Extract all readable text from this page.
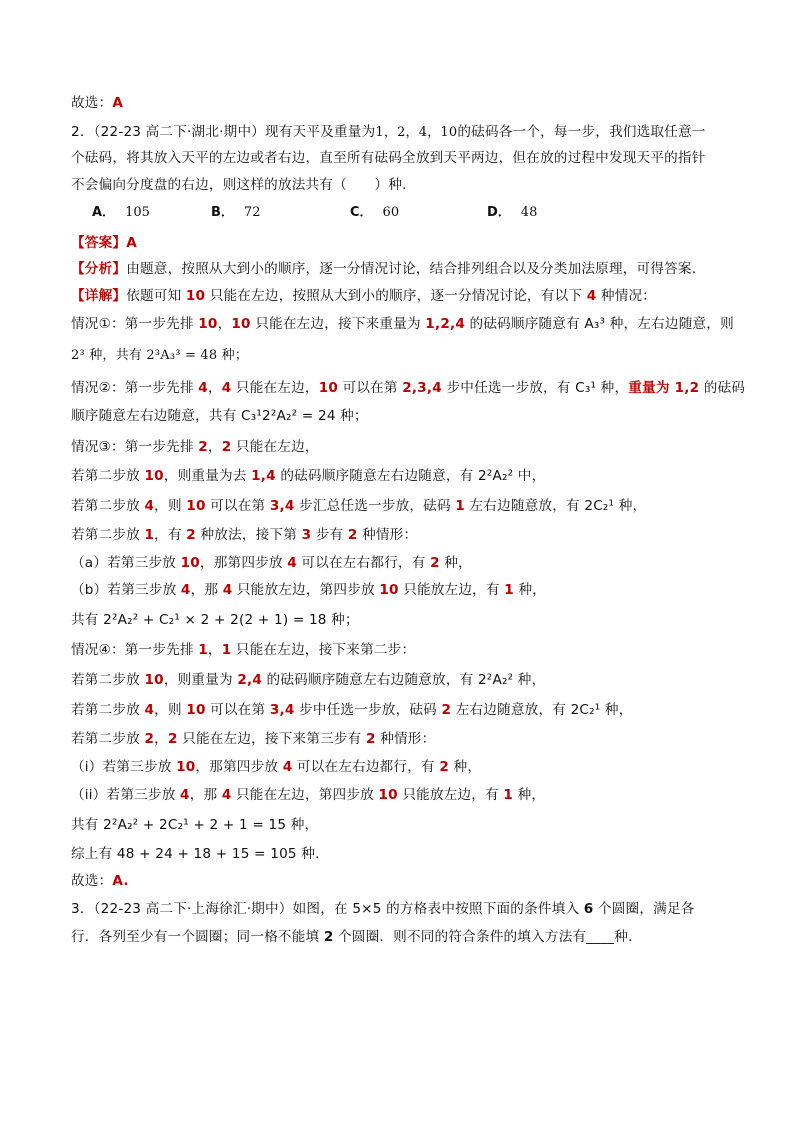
故选：A
2．（22-23 高二下·湖北·期中）现有天平及重量为1，2，4，10的砝码各一个，每一步，我们选取任意一
个砝码，将其放入天平的左边或者右边，直至所有砝码全放到天平两边，但在放的过程中发现天平的指针
不会偏向分度盘的右边，则这样的放法共有（　　）种.
【答案】A
【分析】由题意，按照从大到小的顺序，逐一分情况讨论，结合排列组合以及分类加法原理，可得答案.
【详解】依题可知 10 只能在左边，按照从大到小的顺序，逐一分情况讨论，有以下 4 种情况：
情况①：第一步先排 10，10 只能在左边，接下来重量为 1,2,4 的砝码顺序随意有 A₃³ 种，左右边随意，则
2³ 种，共有 2³A₃³ = 48 种；
情况②：第一步先排 4，4 只能在左边，10 可以在第 2,3,4 步中任选一步放，有 C₃¹ 种，重量为 1,2 的砝码
顺序随意左右边随意，共有 C₃¹2²A₂² = 24 种；
情况③：第一步先排 2，2 只能在左边，
若第二步放 10，则重量为去 1,4 的砝码顺序随意左右边随意，有 2²A₂² 中，
若第二步放 4，则 10 可以在第 3,4 步汇总任选一步放，砝码 1 左右边随意放，有 2C₂¹ 种，
若第二步放 1，有 2 种放法，接下第 3 步有 2 种情形：
（a）若第三步放 10，那第四步放 4 可以在左右都行，有 2 种，
（b）若第三步放 4，那 4 只能放左边，第四步放 10 只能放左边，有 1 种，
共有 2²A₂² + C₂¹ × 2 + 2(2 + 1) = 18 种；
情况④：第一步先排 1，1 只能在左边，接下来第二步：
若第二步放 10，则重量为 2,4 的砝码顺序随意左右边随意放，有 2²A₂² 种，
若第二步放 4，则 10 可以在第 3,4 步中任选一步放，砝码 2 左右边随意放，有 2C₂¹ 种，
若第二步放 2，2 只能在左边，接下来第三步有 2 种情形：
（i）若第三步放 10，那第四步放 4 可以在左右边都行，有 2 种，
（ii）若第三步放 4，那 4 只能在左边，第四步放 10 只能放左边，有 1 种，
共有 2²A₂² + 2C₂¹ + 2 + 1 = 15 种，
综上有 48 + 24 + 18 + 15 = 105 种.
故选：A.
3．（22-23 高二下·上海徐汇·期中）如图，在 5×5 的方格表中按照下面的条件填入 6 个圆圈，满足各
行．各列至少有一个圆圈；同一格不能填 2 个圆圈．则不同的符合条件的填入方法有____种．
A． 105	B． 72	C． 60	D． 48
